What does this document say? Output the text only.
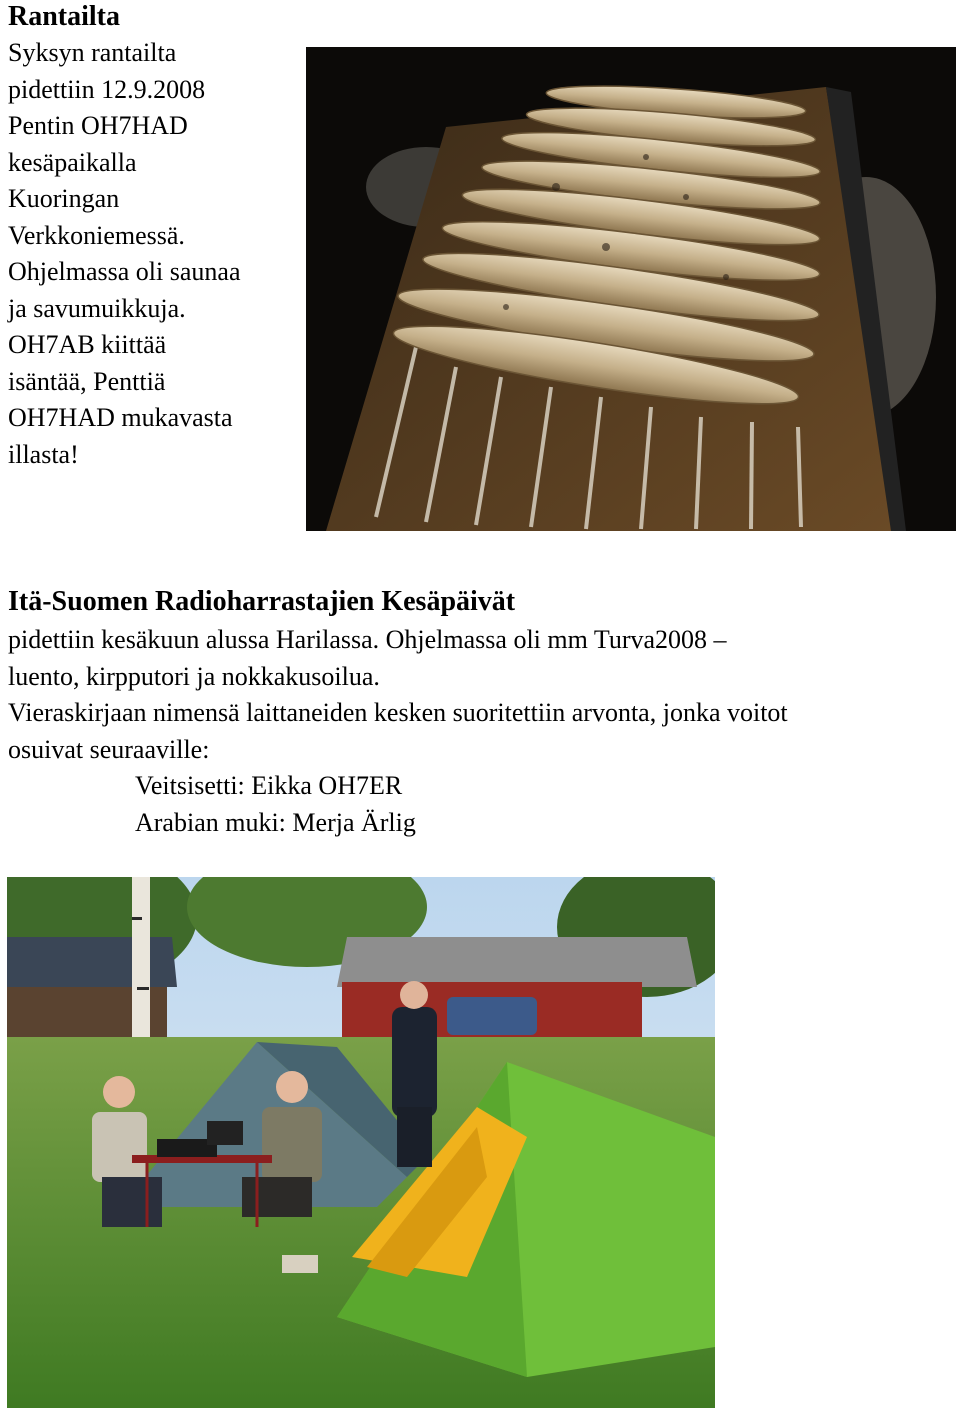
Rantailta
Syksyn rantailta
pidettiin 12.9.2008
Pentin OH7HAD
kesäpaikalla
Kuoringan
Verkkoniemessä.
Ohjelmassa oli saunaa
ja savumuikkuja.
OH7AB kiittää
isäntää, Penttiä
OH7HAD mukavasta
illasta!
Itä-Suomen Radioharrastajien Kesäpäivät
pidettiin kesäkuun alussa Harilassa. Ohjelmassa oli mm Turva2008 –
luento, kirpputori ja nokkakusoilua.
Vieraskirjaan nimensä laittaneiden kesken suoritettiin arvonta, jonka voitot
osuivat seuraaville:
Veitsisetti: Eikka OH7ER
Arabian muki: Merja Ärlig
